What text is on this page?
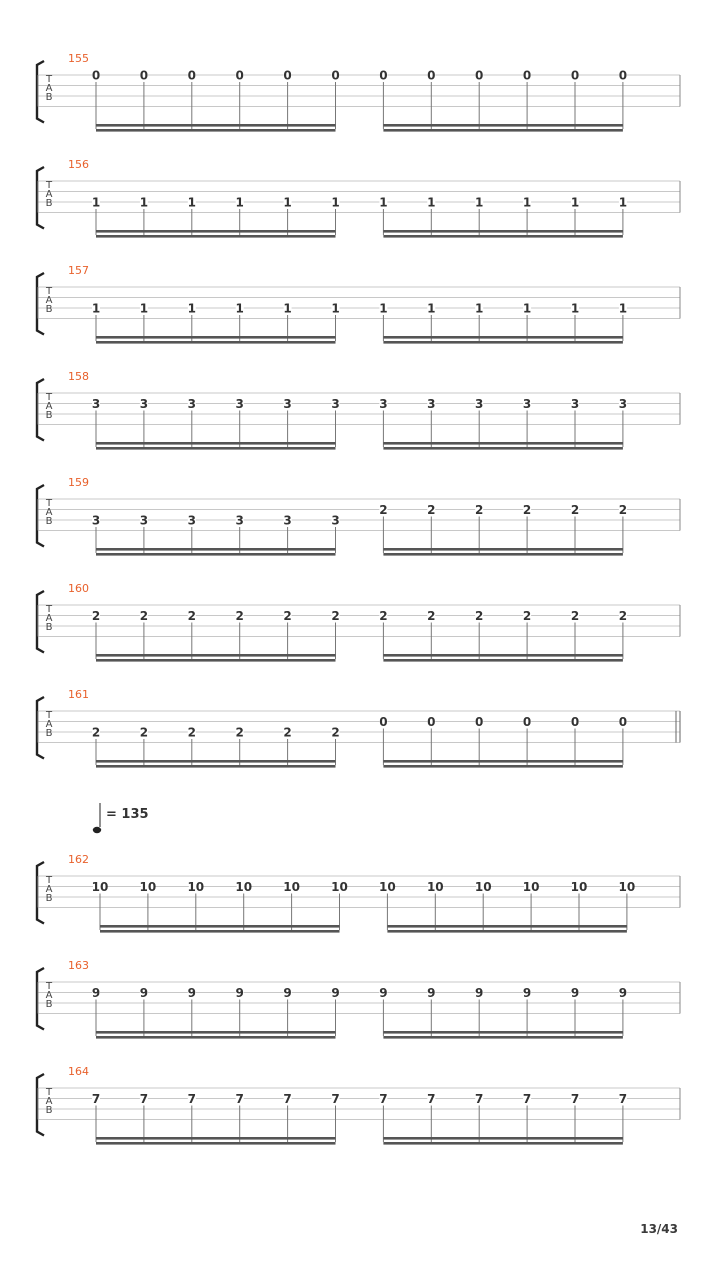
155
T
A
B
0	0	0	0	0	0	0	0	0	0	0	0
156
T
A
B	1	1	1	1	1	1	1	1	1	1	1	1
157
T
A
B	1	1	1	1	1	1	1	1	1	1	1	1
158
T
A
B
3	3	3	3	3	3	3	3	3	3	3	3
159
T
A
B	3	3	3	3	3	3
2	2	2	2	2	2
160
T
A
B
2	2	2	2	2	2	2	2	2	2	2	2
161
T
A
B	2	2	2	2	2	2
0	0	0	0	0	0
= 135
162
T
A
B
10	10	10	10	10	10	10	10	10	10	10	10
163
T
A
B
9	9	9	9	9	9	9	9	9	9	9	9
164
T
A
B
7	7	7	7	7	7	7	7	7	7	7	7
13/43
